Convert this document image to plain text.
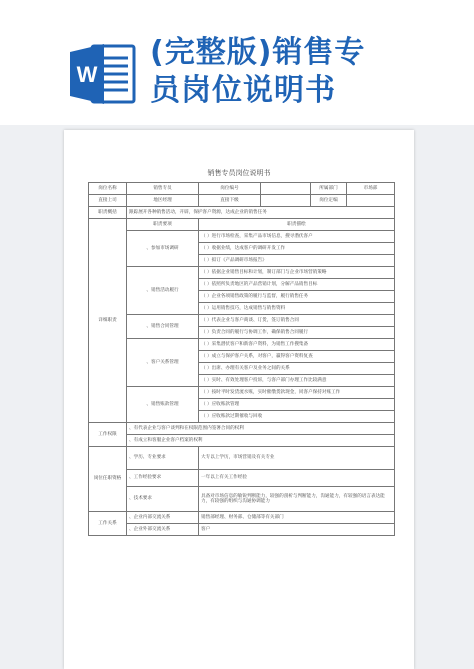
W
(完整版)销售专
员岗位说明书
销售专员岗位说明书
岗位名称	销售专员	岗位编号		所属部门	市场部
直接上司	地区经理	直接下级		岗位定编	
职责概括	跟踪展开各种销售活动，开辟，保护客户资源，达成企业的销售任务				
详细职责	职责要项	职责描绘			
	、参加市场调研	（ ）进行市场检查，采集产品市场信息，搜寻潜伏客户			
		（ ）收据业绩，达成客户的调研开发工作			
		（ ）拟订《产品调研市场报告》			
	、销售活动履行	（ ）依据企业销售目标和计划，制订部门与企业市场营销策略			
		（ ）依照所负责地区的产品营销计划，分解产品销售目标			
		（ ）企业各项销售政策的履行与监督，履行销售任务			
		（ ）运用销售技巧，达成销售与销售资料			
	、销售合同管理	（ ）代表企业与客户商谈、订货，签订销售合同			
		（ ）负责合同的履行与协调工作，确保销售合同履行			
	、客户关系管理	（ ）采集潜伏客户和新客户资料，为销售工作搜集备			
		（ ）成立与保护客户关系，对客户，赢得客户资料复查			
		（ ）出席、办理有关客户及业务之间的关系			
		（ ）实时、有效处理客户投诉，与客户部门办理工作比较满意			
	、销售账款管理	（ ）按时平时发货流水账，实时催缴货款现金，同客户保持对账工作			
		（ ）应收账款管理			
		（ ）应收账款过期催收与回收			
工作权限	、有代表企业与客户谈判和在权限范围内签署合同的权利				
	、有成立和客服企业客户档案的权利				
岗位任职资格	、学历、专业要求	大专以上学历，市场营销及有关专业			
	、工作经验要求	一年以上有关工作经验			
	、技术要求	具备对市场信息的敏锐判断能力，较强的剖析与判断能力，沟通能力，有较强的语言表达能力，有较强的组织与沟通协调能力			
工作关系	、企业内部交流关系	销售部经理、财务部、仓储部等有关部门			
	、企业外部交流关系	客户			
